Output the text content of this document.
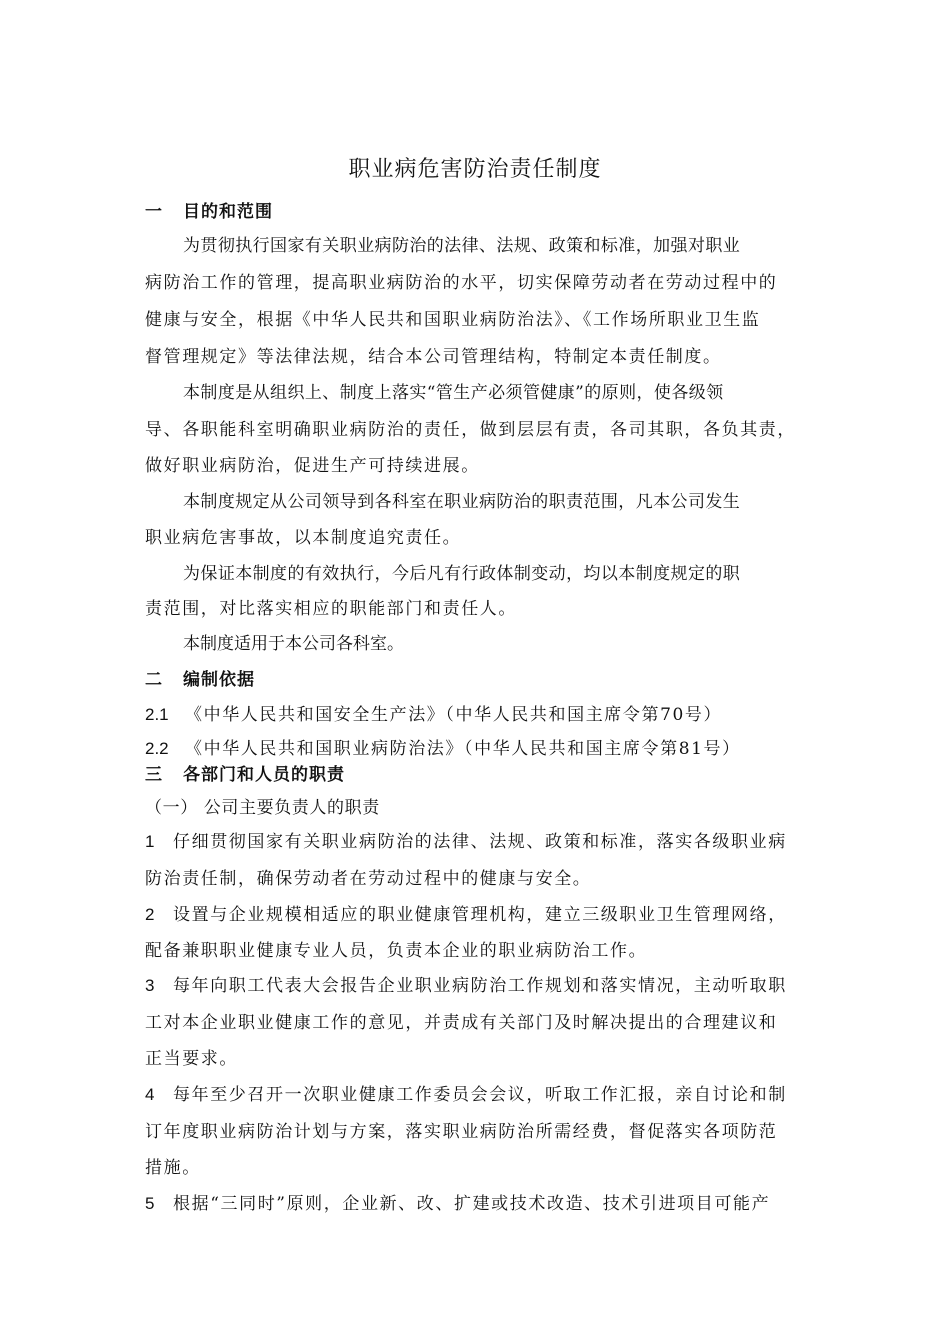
职业病危害防治责任制度
一 目的和范围
为贯彻执行国家有关职业病防治的法律、法规、政策和标准，加强对职业
病防治工作的管理，提高职业病防治的水平，切实保障劳动者在劳动过程中的
健康与安全，根据《中华人民共和国职业病防治法》、《工作场所职业卫生监
督管理规定》等法律法规，结合本公司管理结构，特制定本责任制度。
本制度是从组织上、制度上落实“管生产必须管健康”的原则，使各级领
导、各职能科室明确职业病防治的责任，做到层层有责，各司其职，各负其责，
做好职业病防治，促进生产可持续进展。
本制度规定从公司领导到各科室在职业病防治的职责范围，凡本公司发生
职业病危害事故，以本制度追究责任。
为保证本制度的有效执行，今后凡有行政体制变动，均以本制度规定的职
责范围，对比落实相应的职能部门和责任人。
本制度适用于本公司各科室。
二 编制依据
2.1 《中华人民共和国安全生产法》（中华人民共和国主席令第70号）
2.2 《中华人民共和国职业病防治法》（中华人民共和国主席令第81号）
三 各部门和人员的职责
（一） 公司主要负责人的职责
1 仔细贯彻国家有关职业病防治的法律、法规、政策和标准，落实各级职业病
防治责任制，确保劳动者在劳动过程中的健康与安全。
2 设置与企业规模相适应的职业健康管理机构，建立三级职业卫生管理网络，
配备兼职职业健康专业人员，负责本企业的职业病防治工作。
3 每年向职工代表大会报告企业职业病防治工作规划和落实情况，主动听取职
工对本企业职业健康工作的意见，并责成有关部门及时解决提出的合理建议和
正当要求。
4 每年至少召开一次职业健康工作委员会会议，听取工作汇报，亲自讨论和制
订年度职业病防治计划与方案，落实职业病防治所需经费，督促落实各项防范
措施。
5 根据“三同时”原则，企业新、改、扩建或技术改造、技术引进项目可能产
